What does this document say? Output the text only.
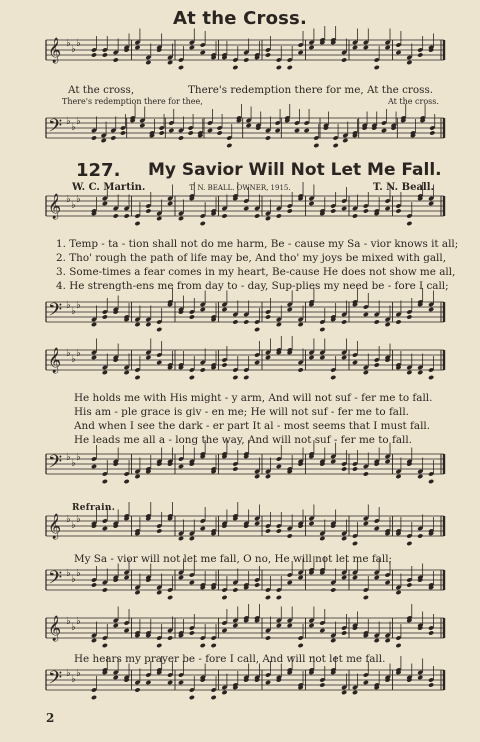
𝄞 ♭
♭
♭
𝄢 ♭
♭
♭
𝄞 ♭
♭
♭
𝄢 ♭
♭
♭
𝄞 ♭
♭
♭
𝄢 ♭
♭
♭
𝄞 ♭
♭
♭
𝄢 ♭
♭
♭
𝄞 ♭
♭
♭
𝄢 ♭
♭
♭
At the Cross.
At the cross,	There's redemption there for me, At the cross.
There's redemption there for thee,	At the cross.
127. My Savior Will Not Let Me Fall.
W. C. Martin.	T. N. BEALL. OWNER, 1915.	T. N. Beall.
1. Temp - ta - tion shall not do me harm, Be - cause my Sa - vior knows it all;
2. Tho' rough the path of life may be, And tho' my joys be mixed with gall,
3. Some-times a fear comes in my heart, Be-cause He does not show me all,
4. He strength-ens me from day to - day, Sup-plies my need be - fore I call;
He holds me with His might - y arm, And will not suf - fer me to fall.
His am - ple grace is giv - en me; He will not suf - fer me to fall.
And when I see the dark - er part It al - most seems that I must fall.
He leads me all a - long the way, And will not suf - fer me to fall.
Refrain.
My Sa - vior will not let me fall, O no, He will not let me fall;
He hears my prayer be - fore I call, And will not let me fall.
2
